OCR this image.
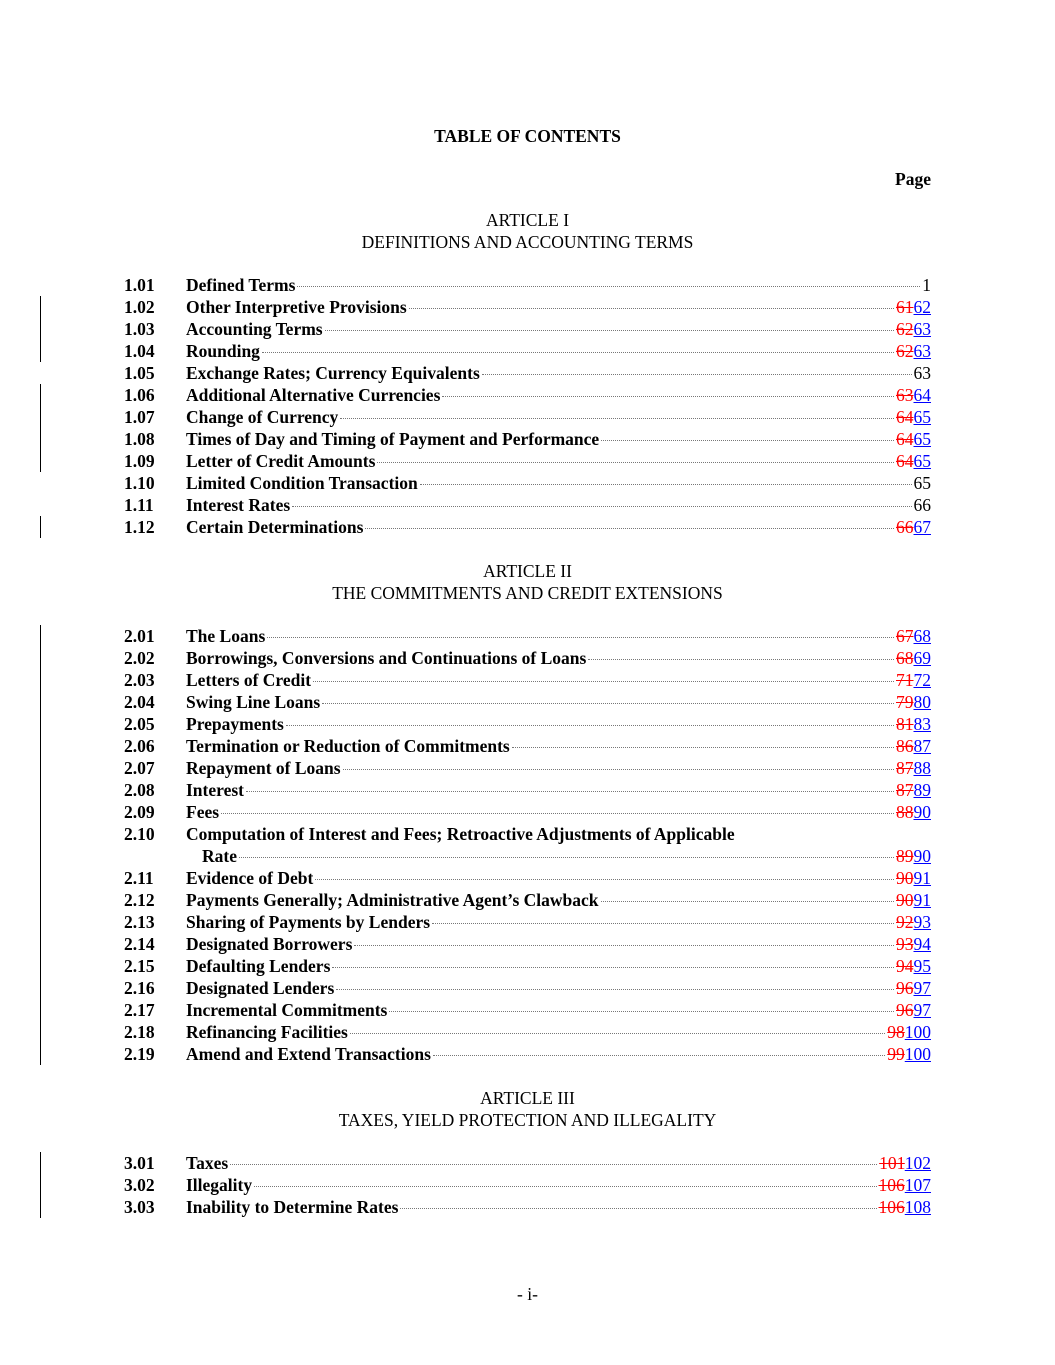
TABLE OF CONTENTS
Page
ARTICLE I
DEFINITIONS AND ACCOUNTING TERMS
1.01 Defined Terms	1
1.02 Other Interpretive Provisions	6162
1.03 Accounting Terms	6263
1.04 Rounding	6263
1.05 Exchange Rates; Currency Equivalents	63
1.06 Additional Alternative Currencies	6364
1.07 Change of Currency	6465
1.08 Times of Day and Timing of Payment and Performance	6465
1.09 Letter of Credit Amounts	6465
1.10 Limited Condition Transaction	65
1.11 Interest Rates	66
1.12 Certain Determinations	6667
ARTICLE II
THE COMMITMENTS AND CREDIT EXTENSIONS
2.01 The Loans	6768
2.02 Borrowings, Conversions and Continuations of Loans	6869
2.03 Letters of Credit	7172
2.04 Swing Line Loans	7980
2.05 Prepayments	8183
2.06 Termination or Reduction of Commitments	8687
2.07 Repayment of Loans	8788
2.08 Interest	8789
2.09 Fees	8890
2.10 Computation of Interest and Fees; Retroactive Adjustments of Applicable
Rate	8990
2.11 Evidence of Debt	9091
2.12 Payments Generally; Administrative Agent’s Clawback	9091
2.13 Sharing of Payments by Lenders	9293
2.14 Designated Borrowers	9394
2.15 Defaulting Lenders	9495
2.16 Designated Lenders	9697
2.17 Incremental Commitments	9697
2.18 Refinancing Facilities	98100
2.19 Amend and Extend Transactions	99100
ARTICLE III
TAXES, YIELD PROTECTION AND ILLEGALITY
3.01 Taxes	101102
3.02 Illegality	106107
3.03 Inability to Determine Rates	106108
- i-
